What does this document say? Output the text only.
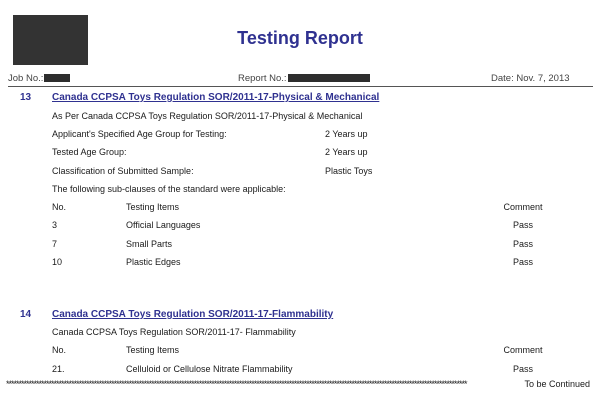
Testing Report
Job No.:	Report No.:	Date: Nov. 7, 2013
13 Canada CCPSA Toys Regulation SOR/2011-17-Physical & Mechanical
As Per Canada CCPSA Toys Regulation SOR/2011-17-Physical & Mechanical
Applicant's Specified Age Group for Testing:	2 Years up
Tested Age Group:	2 Years up
Classification of Submitted Sample:	Plastic Toys
The following sub-clauses of the standard were applicable:
No.	Testing Items	Comment
3	Official Languages	Pass
7	Small Parts	Pass
10	Plastic Edges	Pass
14 Canada CCPSA Toys Regulation SOR/2011-17-Flammability
Canada CCPSA Toys Regulation SOR/2011-17- Flammability
No.	Testing Items	Comment
21.	Celluloid or Cellulose Nitrate Flammability	Pass
****************************************************************************************************************************************************************************************	To be Continued
